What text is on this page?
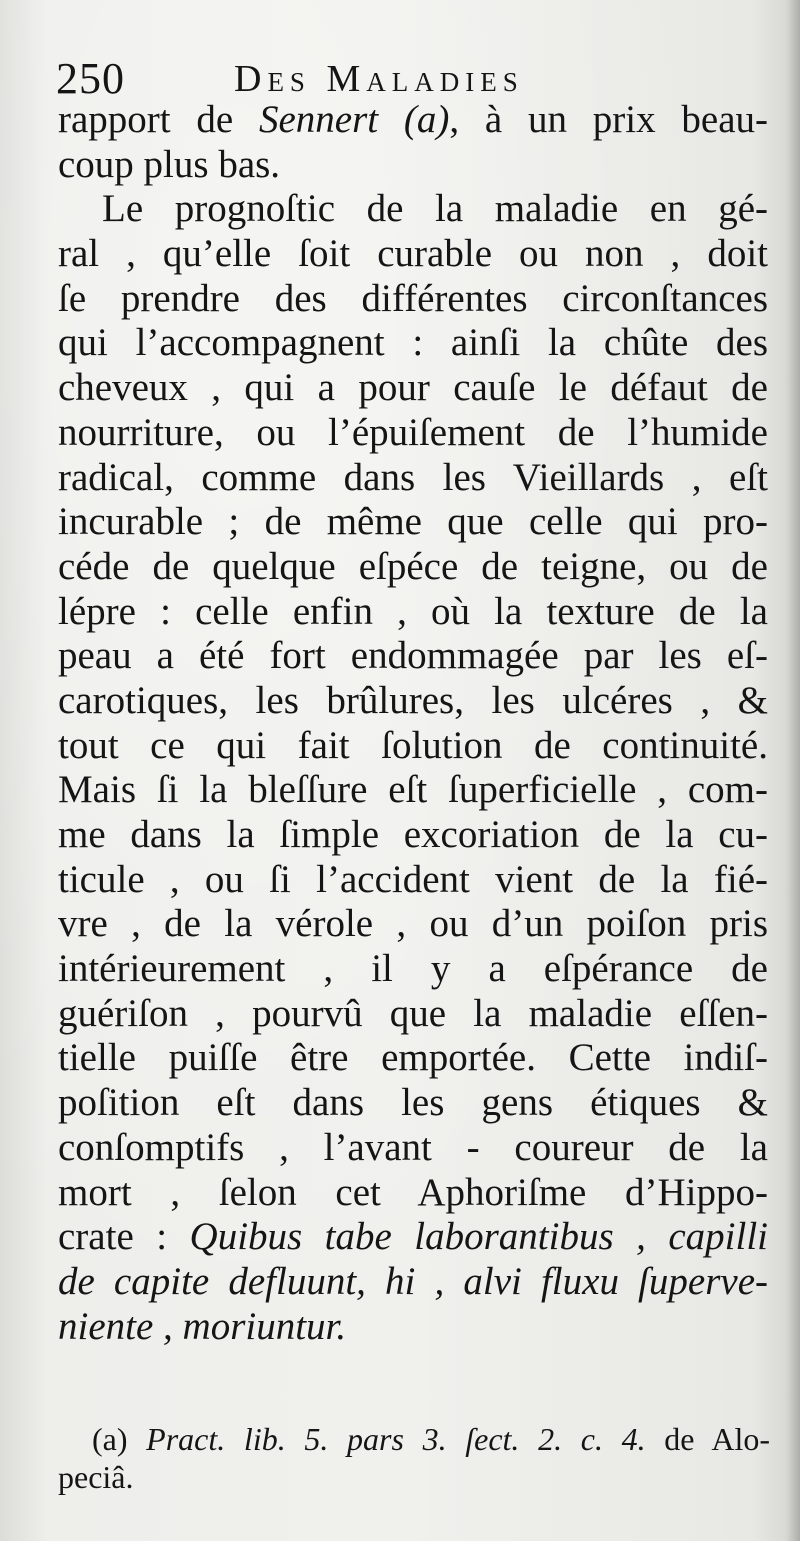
250	Des Maladies
rapport de Sennert (a), à un prix beau-
coup plus bas.
Le prognoſtic de la maladie en gé-
ral , qu’elle ſoit curable ou non , doit
ſe prendre des différentes circonſtances
qui l’accompagnent : ainſi la chûte des
cheveux , qui a pour cauſe le défaut de
nourriture, ou l’épuiſement de l’humide
radical, comme dans les Vieillards , eſt
incurable ; de même que celle qui pro-
céde de quelque eſpéce de teigne, ou de
lépre : celle enfin , où la texture de la
peau a été fort endommagée par les eſ-
carotiques, les brûlures, les ulcéres , &
tout ce qui fait ſolution de continuité.
Mais ſi la bleſſure eſt ſuperficielle , com-
me dans la ſimple excoriation de la cu-
ticule , ou ſi l’accident vient de la fié-
vre , de la vérole , ou d’un poiſon pris
intérieurement , il y a eſpérance de
guériſon , pourvû que la maladie eſſen-
tielle puiſſe être emportée. Cette indiſ-
poſition eſt dans les gens étiques &
conſomptifs , l’avant - coureur de la
mort , ſelon cet Aphoriſme d’Hippo-
crate : Quibus tabe laborantibus , capilli
de capite defluunt, hi , alvi fluxu ſuperve-
niente , moriuntur.
(a) Pract. lib. 5. pars 3. ſect. 2. c. 4. de Alo-
peciâ.
